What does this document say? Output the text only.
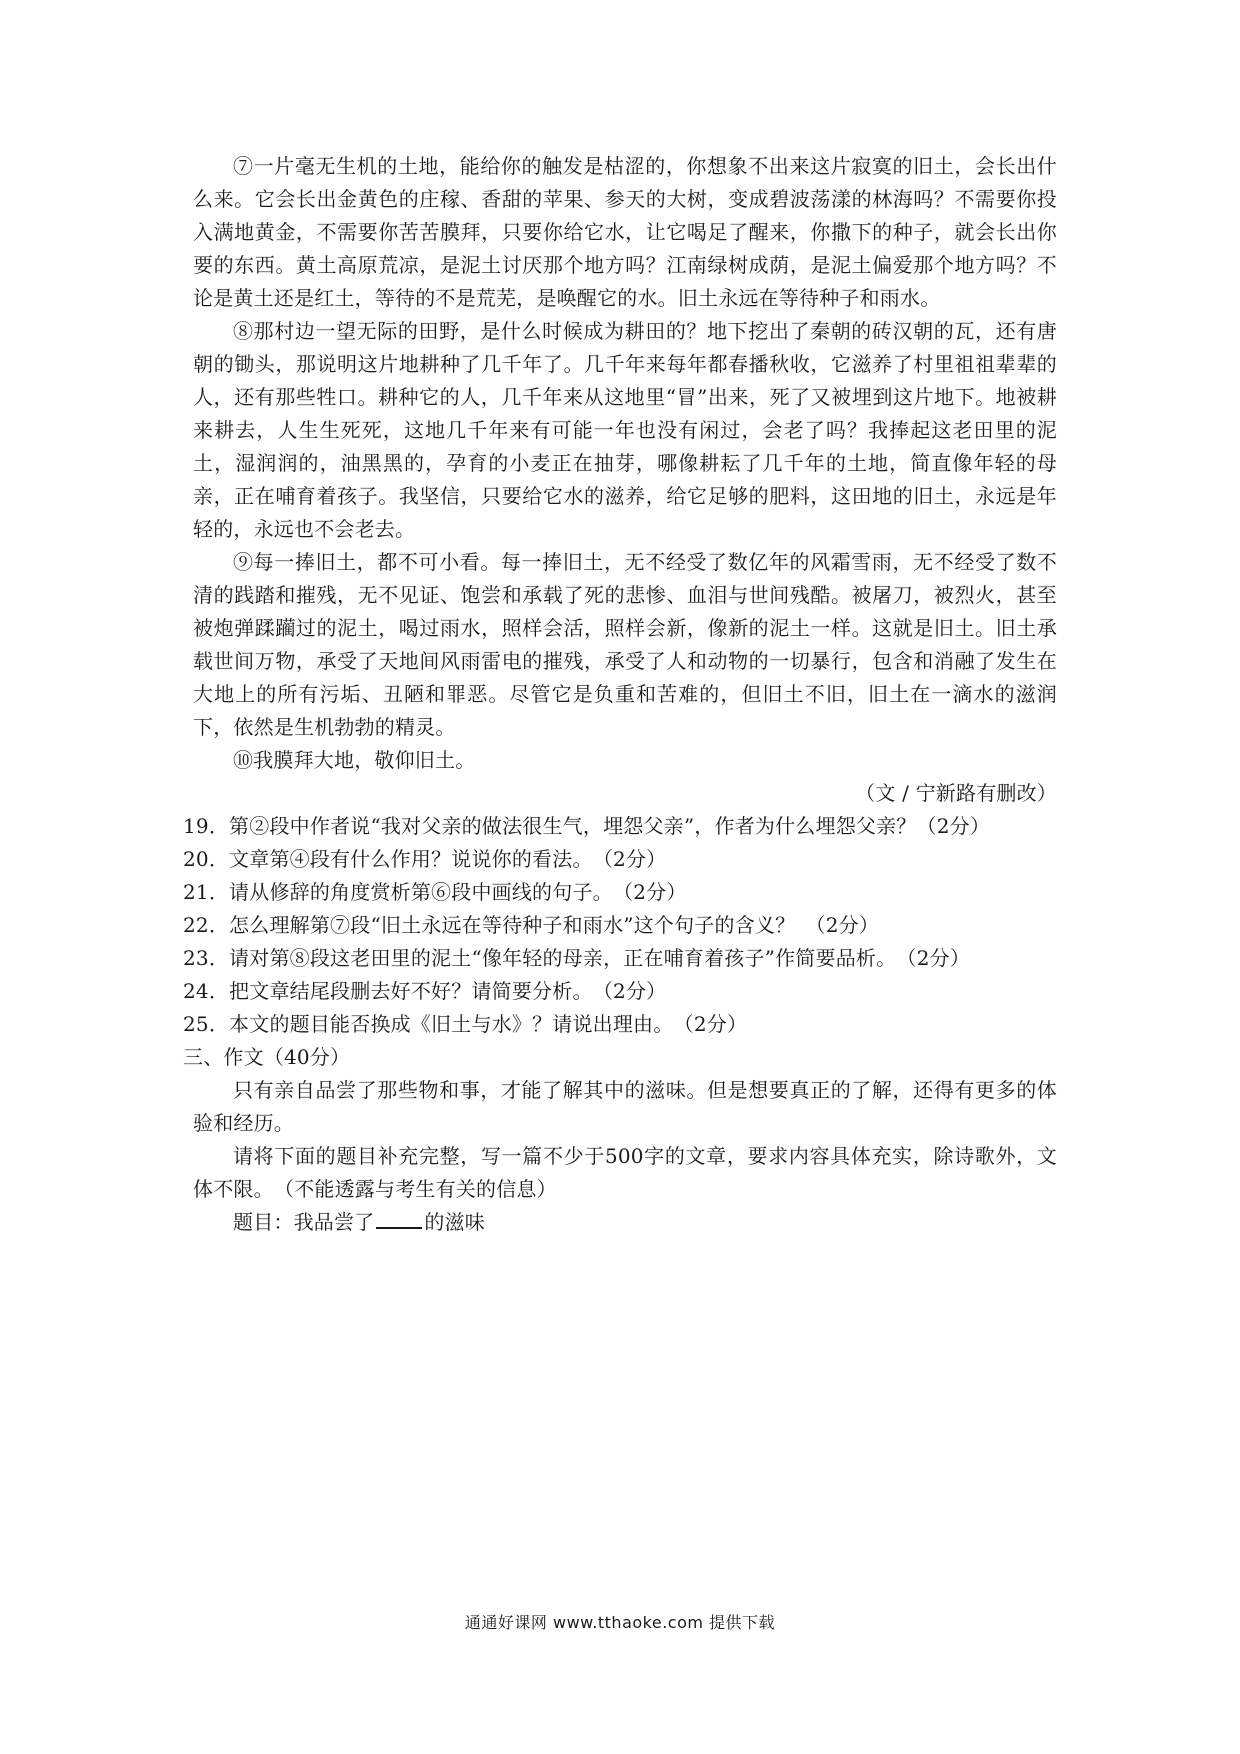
⑦一片毫无生机的土地，能给你的触发是枯涩的，你想象不出来这片寂寞的旧土，会长出什么来。它会长出金黄色的庄稼、香甜的苹果、参天的大树，变成碧波荡漾的林海吗？不需要你投入满地黄金，不需要你苦苦膜拜，只要你给它水，让它喝足了醒来，你撒下的种子，就会长出你要的东西。黄土高原荒凉，是泥土讨厌那个地方吗？江南绿树成荫，是泥土偏爱那个地方吗？不论是黄土还是红土，等待的不是荒芜，是唤醒它的水。旧土永远在等待种子和雨水。

⑧那村边一望无际的田野，是什么时候成为耕田的？地下挖出了秦朝的砖汉朝的瓦，还有唐朝的锄头，那说明这片地耕种了几千年了。几千年来每年都春播秋收，它滋养了村里祖祖辈辈的人，还有那些牲口。耕种它的人，几千年来从这地里“冒”出来，死了又被埋到这片地下。地被耕来耕去，人生生死死，这地几千年来有可能一年也没有闲过，会老了吗？我捧起这老田里的泥土，湿润润的，油黑黑的，孕育的小麦正在抽芽，哪像耕耘了几千年的土地，简直像年轻的母亲，正在哺育着孩子。我坚信，只要给它水的滋养，给它足够的肥料，这田地的旧土，永远是年轻的，永远也不会老去。

⑨每一捧旧土，都不可小看。每一捧旧土，无不经受了数亿年的风霜雪雨，无不经受了数不清的践踏和摧残，无不见证、饱尝和承载了死的悲惨、血泪与世间残酷。被屠刀，被烈火，甚至被炮弹蹂躏过的泥土，喝过雨水，照样会活，照样会新，像新的泥土一样。这就是旧土。旧土承载世间万物，承受了天地间风雨雷电的摧残，承受了人和动物的一切暴行，包含和消融了发生在大地上的所有污垢、丑陋和罪恶。尽管它是负重和苦难的，但旧土不旧，旧土在一滴水的滋润下，依然是生机勃勃的精灵。

⑩我膜拜大地，敬仰旧土。

（文 / 宁新路有删改）

19．第②段中作者说“我对父亲的做法很生气，埋怨父亲”，作者为什么埋怨父亲？（2分）

20．文章第④段有什么作用？说说你的看法。　（2分）

21．请从修辞的角度赏析第⑥段中画线的句子。　（2分）

22．怎么理解第⑦段“旧土永远在等待种子和雨水”这个句子的含义？　（2分）

23．请对第⑧段这老田里的泥土“像年轻的母亲，正在哺育着孩子”作简要品析。　（2分）

24．把文章结尾段删去好不好？请简要分析。　（2分）

25．本文的题目能否换成《旧土与水》？请说出理由。　（2分）

三、作文（40分）

只有亲自品尝了那些物和事，才能了解其中的滋味。但是想要真正的了解，还得有更多的体验和经历。

请将下面的题目补充完整，写一篇不少于500字的文章，要求内容具体充实，除诗歌外，文体不限。　（不能透露与考生有关的信息）

题目：我品尝了	的滋味

通通好课网 www.tthaoke.com 提供下载
